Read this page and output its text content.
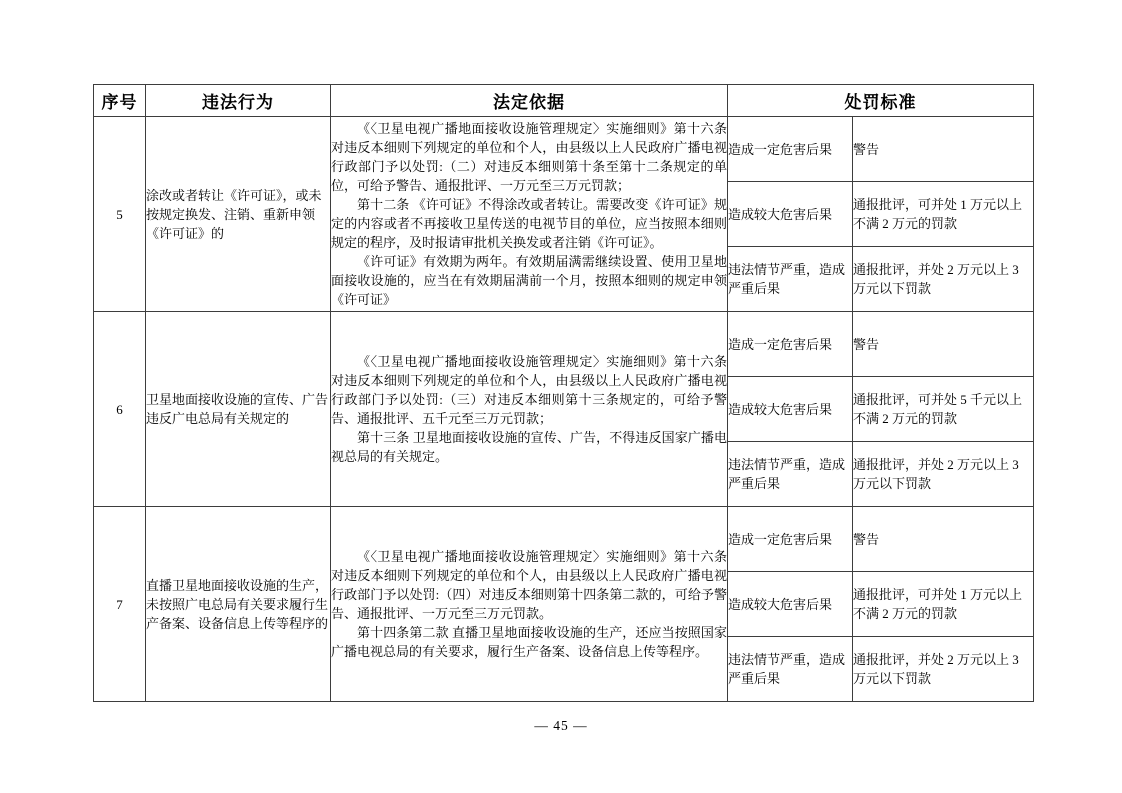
序号	违法行为	法定依据	处罚标准	
5	涂改或者转让《许可证》，或未按规定换发、注销、重新申领《许可证》的	《〈卫星电视广播地面接收设施管理规定〉实施细则》第十六条 对违反本细则下列规定的单位和个人，由县级以上人民政府广播电视行政部门予以处罚:（二）对违反本细则第十条至第十二条规定的单位，可给予警告、通报批评、一万元至三万元罚款；

第十二条 《许可证》不得涂改或者转让。需要改变《许可证》规定的内容或者不再接收卫星传送的电视节目的单位，应当按照本细则规定的程序，及时报请审批机关换发或者注销《许可证》。

《许可证》有效期为两年。有效期届满需继续设置、使用卫星地面接收设施的，应当在有效期届满前一个月，按照本细则的规定申领《许可证》	造成一定危害后果	警告
			造成较大危害后果	通报批评，可并处 1 万元以上不满 2 万元的罚款
			违法情节严重，造成严重后果	通报批评，并处 2 万元以上 3 万元以下罚款
6	卫星地面接收设施的宣传、广告违反广电总局有关规定的	《〈卫星电视广播地面接收设施管理规定〉实施细则》第十六条 对违反本细则下列规定的单位和个人，由县级以上人民政府广播电视行政部门予以处罚:（三）对违反本细则第十三条规定的，可给予警告、通报批评、五千元至三万元罚款；

第十三条 卫星地面接收设施的宣传、广告，不得违反国家广播电视总局的有关规定。	造成一定危害后果	警告
			造成较大危害后果	通报批评，可并处 5 千元以上不满 2 万元的罚款
			违法情节严重，造成严重后果	通报批评，并处 2 万元以上 3 万元以下罚款
7	直播卫星地面接收设施的生产，未按照广电总局有关要求履行生产备案、设备信息上传等程序的	《〈卫星电视广播地面接收设施管理规定〉实施细则》第十六条 对违反本细则下列规定的单位和个人，由县级以上人民政府广播电视行政部门予以处罚:（四）对违反本细则第十四条第二款的，可给予警告、通报批评、一万元至三万元罚款。

第十四条第二款 直播卫星地面接收设施的生产，还应当按照国家广播电视总局的有关要求，履行生产备案、设备信息上传等程序。	造成一定危害后果	警告
			造成较大危害后果	通报批评，可并处 1 万元以上不满 2 万元的罚款
			违法情节严重，造成严重后果	通报批评，并处 2 万元以上 3 万元以下罚款
— 45 —
